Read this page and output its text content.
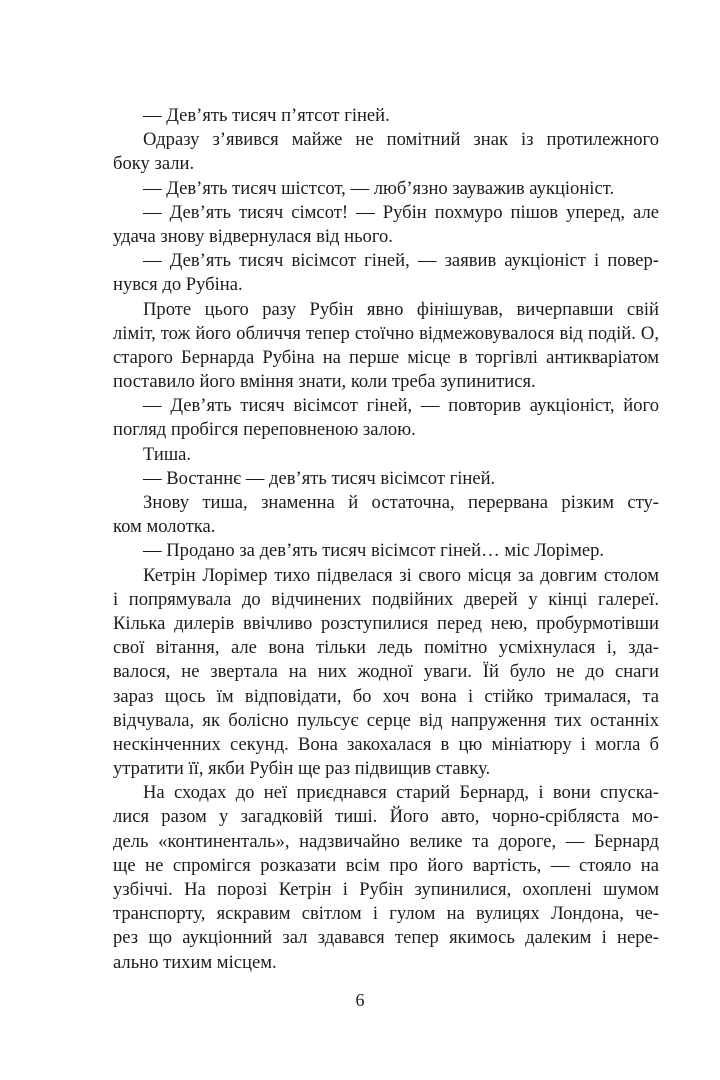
— Дев’ять тисяч п’ятсот гіней.
Одразу з’явився майже не помітний знак із протилежного
боку зали.
— Дев’ять тисяч шістсот, — люб’язно зауважив аукціоніст.
— Дев’ять тисяч сімсот! — Рубін похмуро пішов уперед, але
удача знову відвернулася від нього.
— Дев’ять тисяч вісімсот гіней, — заявив аукціоніст і повер-
нувся до Рубіна.
Проте цього разу Рубін явно фінішував, вичерпавши свій
ліміт, тож його обличчя тепер стоїчно відмежовувалося від подій. О,
старого Бернарда Рубіна на перше місце в торгівлі антикваріатом
поставило його вміння знати, коли треба зупинитися.
— Дев’ять тисяч вісімсот гіней, — повторив аукціоніст, його
погляд пробігся переповненою залою.
Тиша.
— Востаннє — дев’ять тисяч вісімсот гіней.
Знову тиша, знаменна й остаточна, перервана різким сту-
ком молотка.
— Продано за дев’ять тисяч вісімсот гіней… міс Лорімер.
Кетрін Лорімер тихо підвелася зі свого місця за довгим столом
і попрямувала до відчинених подвійних дверей у кінці галереї.
Кілька дилерів ввічливо розступилися перед нею, пробурмотівши
свої вітання, але вона тільки ледь помітно усміхнулася і, зда-
валося, не звертала на них жодної уваги. Їй було не до снаги
зараз щось їм відповідати, бо хоч вона і стійко трималася, та
відчувала, як болісно пульсує серце від напруження тих останніх
нескінченних секунд. Вона закохалася в цю мініатюру і могла б
утратити її, якби Рубін ще раз підвищив ставку.
На сходах до неї приєднався старий Бернард, і вони спуска-
лися разом у загадковій тиші. Його авто, чорно-срібляста мо-
дель «континенталь», надзвичайно велике та дороге, — Бернард
ще не спромігся розказати всім про його вартість, — стояло на
узбіччі. На порозі Кетрін і Рубін зупинилися, охоплені шумом
транспорту, яскравим світлом і гулом на вулицях Лондона, че-
рез що аукціонний зал здавався тепер якимось далеким і нере-
ально тихим місцем.
6
